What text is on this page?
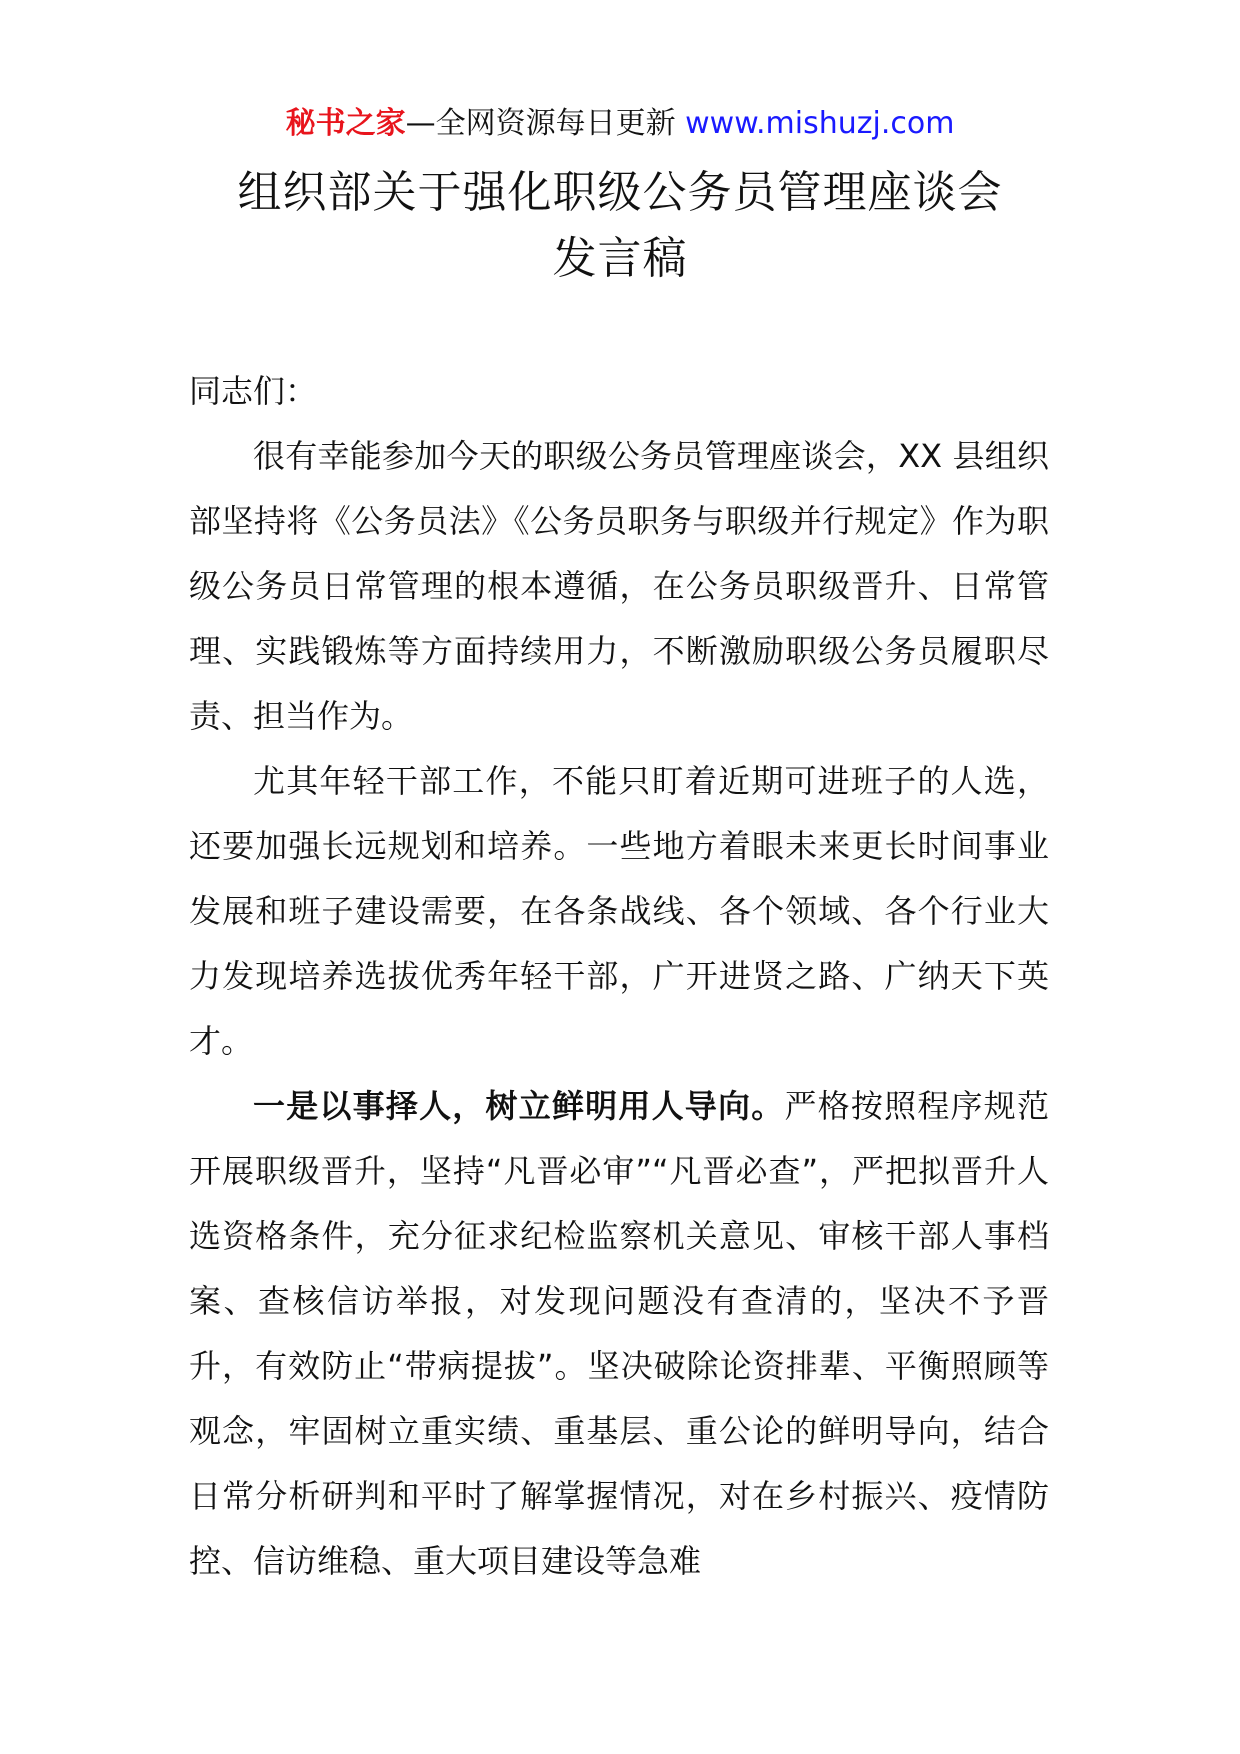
秘书之家—全网资源每日更新 www.mishuzj.com
组织部关于强化职级公务员管理座谈会
发言稿

同志们：

很有幸能参加今天的职级公务员管理座谈会，XX 县组织部坚持将《公务员法》《公务员职务与职级并行规定》作为职级公务员日常管理的根本遵循，在公务员职级晋升、日常管理、实践锻炼等方面持续用力，不断激励职级公务员履职尽责、担当作为。

尤其年轻干部工作，不能只盯着近期可进班子的人选，还要加强长远规划和培养。一些地方着眼未来更长时间事业发展和班子建设需要，在各条战线、各个领域、各个行业大力发现培养选拔优秀年轻干部，广开进贤之路、广纳天下英才。

一是以事择人，树立鲜明用人导向。严格按照程序规范开展职级晋升，坚持“凡晋必审”“凡晋必查”，严把拟晋升人选资格条件，充分征求纪检监察机关意见、审核干部人事档案、查核信访举报，对发现问题没有查清的，坚决不予晋升，有效防止“带病提拔”。坚决破除论资排辈、平衡照顾等观念，牢固树立重实绩、重基层、重公论的鲜明导向，结合日常分析研判和平时了解掌握情况，对在乡村振兴、疫情防控、信访维稳、重大项目建设等急难
